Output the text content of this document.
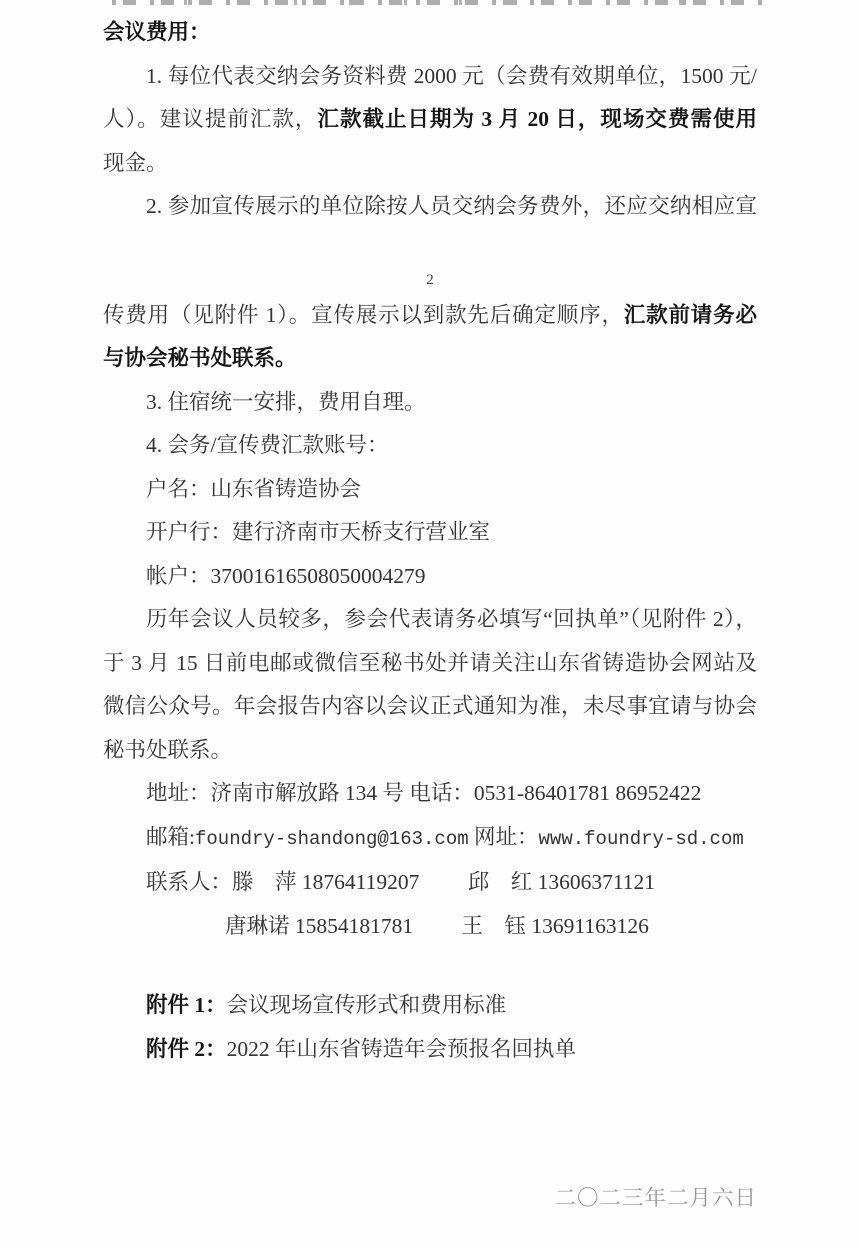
会议费用：
1. 每位代表交纳会务资料费 2000 元（会费有效期单位，1500 元/
人）。建议提前汇款，汇款截止日期为 3 月 20 日，现场交费需使用
现金。
2. 参加宣传展示的单位除按人员交纳会务费外，还应交纳相应宣
2
传费用（见附件 1）。宣传展示以到款先后确定顺序，汇款前请务必
与协会秘书处联系。
3. 住宿统一安排，费用自理。
4. 会务/宣传费汇款账号：
户名：山东省铸造协会
开户行：建行济南市天桥支行营业室
帐户：37001616508050004279
历年会议人员较多，参会代表请务必填写“回执单”（见附件 2），
于 3 月 15 日前电邮或微信至秘书处并请关注山东省铸造协会网站及
微信公众号。年会报告内容以会议正式通知为准，未尽事宜请与协会
秘书处联系。
地址：济南市解放路 134 号 电话：0531-86401781 86952422
邮箱:foundry-shandong@163.com 网址：www.foundry-sd.com
联系人：滕　萍 18764119207　　 邱　红 13606371121
唐琳诺 15854181781　　 王　钰 13691163126
附件 1：会议现场宣传形式和费用标准
附件 2：2022 年山东省铸造年会预报名回执单
二〇二三年二月六日
